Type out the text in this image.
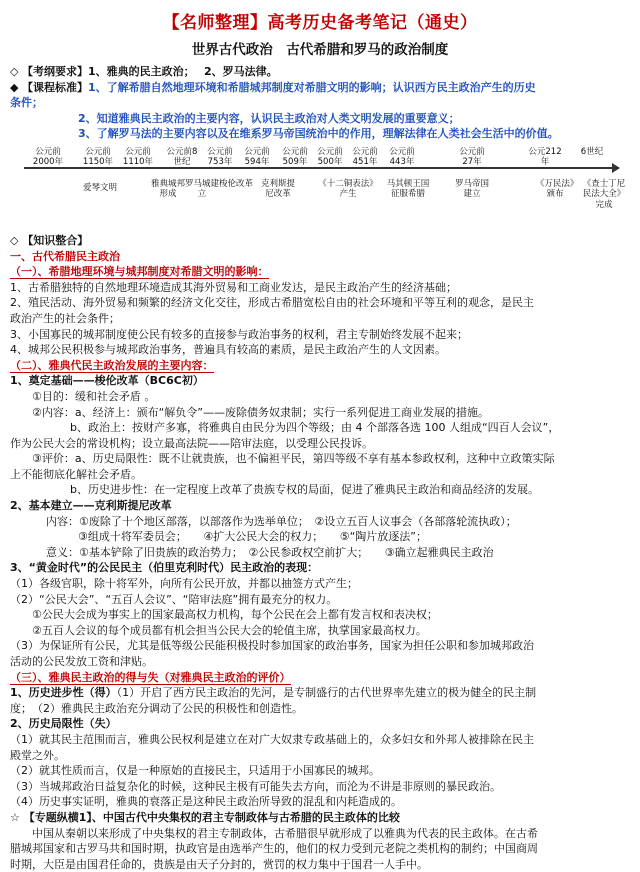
【名师整理】高考历史备考笔记（通史）
世界古代政治　古代希腊和罗马的政治制度
◇ 【考纲要求】1、雅典的民主政治；　 2、罗马法律。
◆ 【课程标准】1、了解希腊自然地理环境和希腊城邦制度对希腊文明的影响；认识西方民主政治产生的历史
条件；
2、知道雅典民主政治的主要内容，认识民主政治对人类文明发展的重要意义；
3、了解罗马法的主要内容以及在维系罗马帝国统治中的作用，理解法律在人类社会生活中的价值。
公元前2000年
公元前1150年
公元前1110年
公元前8世纪
公元前753年
公元前594年
公元前509年
公元前500年
公元前451年
公元前443年
公元前27年
公元212年
6世纪
爱琴文明	雅典城邦形成
罗马城建立
梭伦改革 克利斯提尼改革
《十二铜表法》产生
马其顿王国征服希腊
罗马帝国建立
《万民法》颁布
《查士丁尼民法大全》完成
◇ 【知识整合】
一、古代希腊民主政治
（一）、希腊地理环境与城邦制度对希腊文明的影响：
1、古希腊独特的自然地理环境造成其海外贸易和工商业发达，是民主政治产生的经济基础；
2、殖民活动、海外贸易和频繁的经济文化交往，形成古希腊宽松自由的社会环境和平等互利的观念，是民主
政治产生的社会条件；
3、小国寡民的城邦制度使公民有较多的直接参与政治事务的权利，君主专制始终发展不起来；
4、城邦公民积极参与城邦政治事务，普遍具有较高的素质，是民主政治产生的人文因素。
（二）、雅典代民主政治发展的主要内容：
1、奠定基础——梭伦改革（BC6C初）
①目的：缓和社会矛盾 。
②内容：a、经济上：颁布“解负令”——废除债务奴隶制；实行一系列促进工商业发展的措施。
b、政治上：按财产多寡，将雅典自由民分为四个等级；由 4 个部落各选 100 人组成“四百人会议”，
作为公民大会的常设机构；设立最高法院——陪审法庭，以受理公民投诉。
③评价：a、历史局限性：既不让就贵族，也不偏袒平民，第四等级不享有基本参政权利，这种中立政策实际
上不能彻底化解社会矛盾。
b、历史进步性：在一定程度上改革了贵族专权的局面，促进了雅典民主政治和商品经济的发展。
2、基本建立——克利斯提尼改革
内容：①废除了十个地区部落，以部落作为选举单位；　②设立五百人议事会（各部落轮流执政）；
③组成十将军委员会；　　④扩大公民大会的权力；　　⑤“陶片放逐法”；
意义：①基本铲除了旧贵族的政治势力；　②公民参政权空前扩大；　　③确立起雅典民主政治
3、“黄金时代”的公民民主（伯里克利时代）民主政治的表现：
（1）各级官职，除十将军外，向所有公民开放，并都以抽签方式产生；
（2）“公民大会”、“五百人会议”、“陪审法庭”拥有最充分的权力。
①公民大会成为事实上的国家最高权力机构，每个公民在会上都有发言权和表决权；
②五百人会议的每个成员都有机会担当公民大会的轮值主席，执掌国家最高权力。
（3）为保证所有公民，尤其是低等级公民能积极投时参加国家的政治事务，国家为担任公职和参加城邦政治
活动的公民发放工资和津贴。
（三）、雅典民主政治的得与失（对雅典民主政治的评价）
1、历史进步性（得）（1）开启了西方民主政治的先河，是专制盛行的古代世界率先建立的极为健全的民主制
度；　（2）雅典民主政治充分调动了公民的积极性和创造性。
2、历史局限性（失）
（1）就其民主范围而言，雅典公民权利是建立在对广大奴隶专政基础上的，众多妇女和外邦人被排除在民主
殿堂之外。
（2）就其性质而言，仅是一种原始的直接民主，只适用于小国寡民的城邦。
（3）当城邦政治日益复杂化的时候，这种民主极有可能失去方向，而沦为不讲是非原则的暴民政治。
（4）历史事实证明，雅典的衰落正是这种民主政治所导致的混乱和内耗造成的。
☆ 【专题纵横1】、中国古代中央集权的君主专制政体与古希腊的民主政体的比较
中国从秦朝以来形成了中央集权的君主专制政体，古希腊很早就形成了以雅典为代表的民主政体。在古希
腊城邦国家和古罗马共和国时期，执政官是由选举产生的，他们的权力受到元老院之类机构的制约；中国商周
时期，大臣是由国君任命的，贵族是由天子分封的，赏罚的权力集中于国君一人手中。
